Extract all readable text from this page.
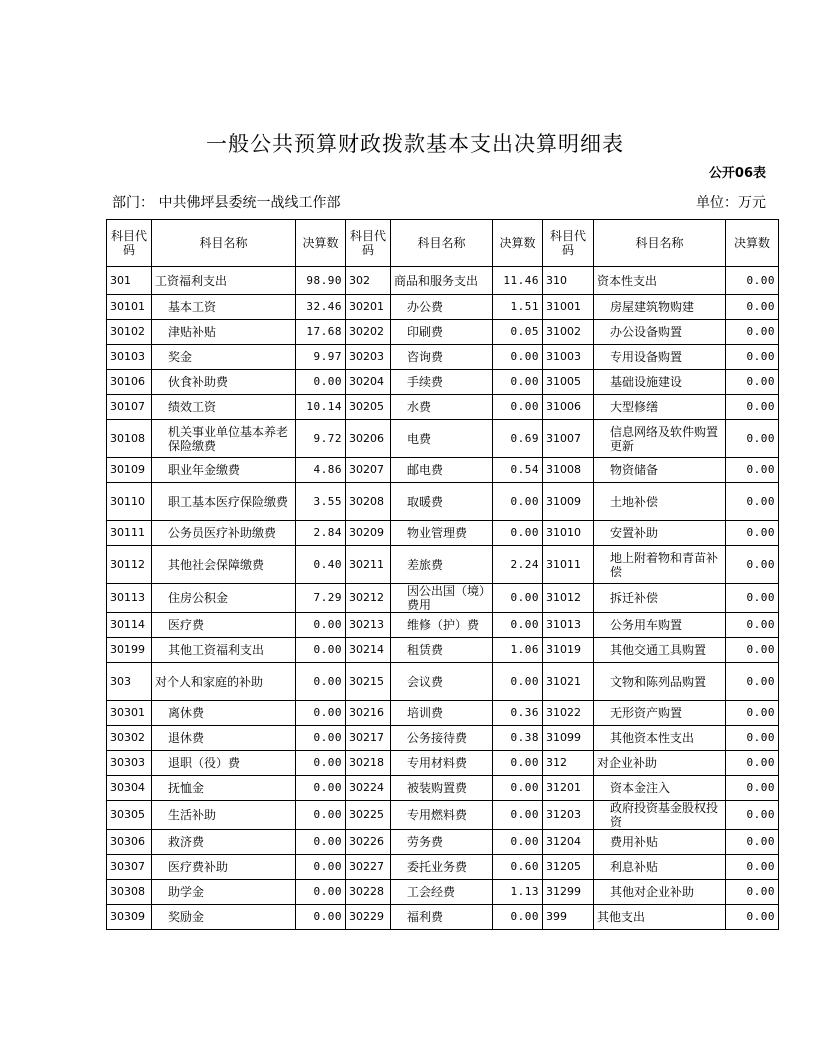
一般公共预算财政拨款基本支出决算明细表
公开06表
部门： 中共佛坪县委统一战线工作部	单位：万元
科目代码	科目名称	决算数	科目代码	科目名称	决算数	科目代码	科目名称	决算数
301	工资福利支出	98.90	302	商品和服务支出	11.46	310	资本性支出	0.00
30101	基本工资	32.46	30201	办公费	1.51	31001	房屋建筑物购建	0.00
30102	津贴补贴	17.68	30202	印刷费	0.05	31002	办公设备购置	0.00
30103	奖金	9.97	30203	咨询费	0.00	31003	专用设备购置	0.00
30106	伙食补助费	0.00	30204	手续费	0.00	31005	基础设施建设	0.00
30107	绩效工资	10.14	30205	水费	0.00	31006	大型修缮	0.00
30108	机关事业单位基本养老保险缴费	9.72	30206	电费	0.69	31007	信息网络及软件购置更新	0.00
30109	职业年金缴费	4.86	30207	邮电费	0.54	31008	物资储备	0.00
30110	职工基本医疗保险缴费	3.55	30208	取暖费	0.00	31009	土地补偿	0.00
30111	公务员医疗补助缴费	2.84	30209	物业管理费	0.00	31010	安置补助	0.00
30112	其他社会保障缴费	0.40	30211	差旅费	2.24	31011	地上附着物和青苗补偿	0.00
30113	住房公积金	7.29	30212	因公出国（境）费用	0.00	31012	拆迁补偿	0.00
30114	医疗费	0.00	30213	维修（护）费	0.00	31013	公务用车购置	0.00
30199	其他工资福利支出	0.00	30214	租赁费	1.06	31019	其他交通工具购置	0.00
303	对个人和家庭的补助	0.00	30215	会议费	0.00	31021	文物和陈列品购置	0.00
30301	离休费	0.00	30216	培训费	0.36	31022	无形资产购置	0.00
30302	退休费	0.00	30217	公务接待费	0.38	31099	其他资本性支出	0.00
30303	退职（役）费	0.00	30218	专用材料费	0.00	312	对企业补助	0.00
30304	抚恤金	0.00	30224	被装购置费	0.00	31201	资本金注入	0.00
30305	生活补助	0.00	30225	专用燃料费	0.00	31203	政府投资基金股权投资	0.00
30306	救济费	0.00	30226	劳务费	0.00	31204	费用补贴	0.00
30307	医疗费补助	0.00	30227	委托业务费	0.60	31205	利息补贴	0.00
30308	助学金	0.00	30228	工会经费	1.13	31299	其他对企业补助	0.00
30309	奖励金	0.00	30229	福利费	0.00	399	其他支出	0.00
